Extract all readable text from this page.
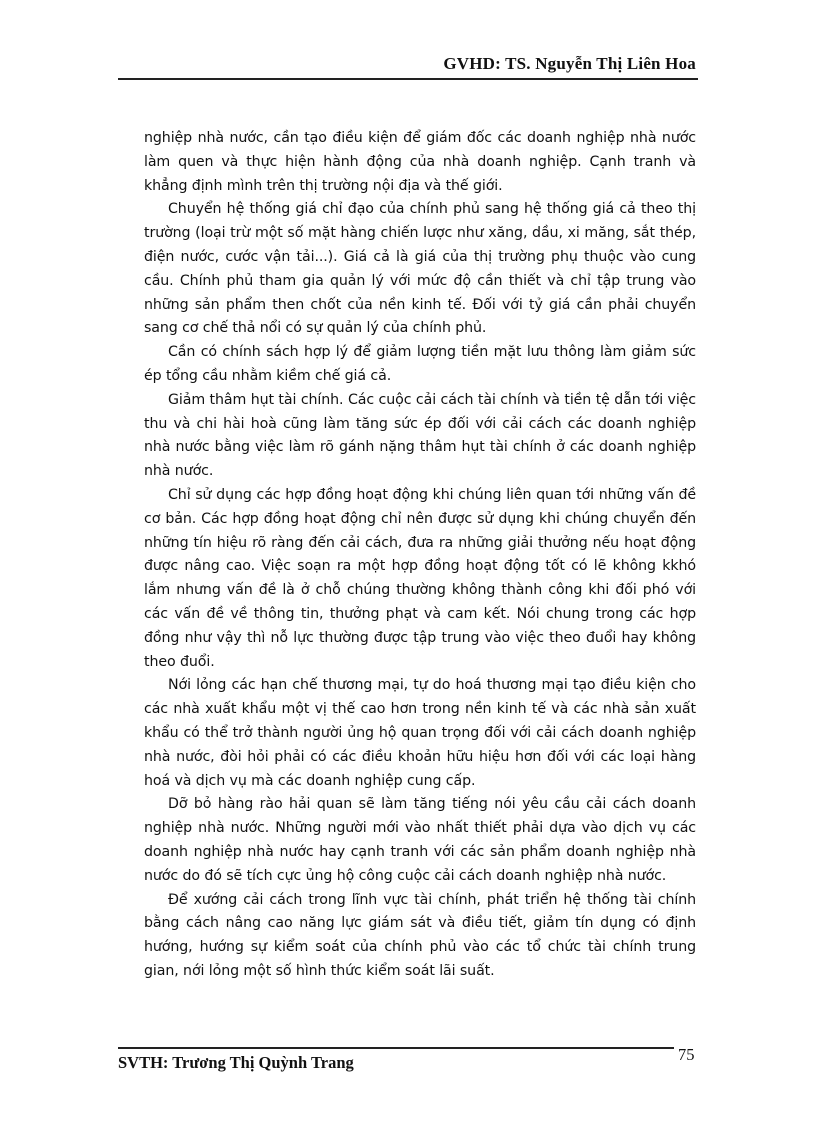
GVHD: TS. Nguyễn Thị Liên Hoa

nghiệp nhà nước, cần tạo điều kiện để giám đốc các doanh nghiệp nhà nước làm quen và thực hiện hành động của nhà doanh nghiệp. Cạnh tranh và khẳng định mình trên thị trường nội địa và thế giới.

Chuyển hệ thống giá chỉ đạo của chính phủ sang hệ thống giá cả theo thị trường (loại trừ một số mặt hàng chiến lược như xăng, dầu, xi măng, sắt thép, điện nước, cước vận tải...). Giá cả là giá của thị trường phụ thuộc vào cung cầu. Chính phủ tham gia quản lý với mức độ cần thiết và chỉ tập trung vào những sản phẩm then chốt của nền kinh tế. Đối với tỷ giá cần phải chuyển sang cơ chế thả nổi có sự quản lý của chính phủ.

Cần có chính sách hợp lý để giảm lượng tiền mặt lưu thông làm giảm sức ép tổng cầu nhằm kiềm chế giá cả.

Giảm thâm hụt tài chính. Các cuộc cải cách tài chính và tiền tệ dẫn tới việc thu và chi hài hoà cũng làm tăng sức ép đối với cải cách các doanh nghiệp nhà nước bằng việc làm rõ gánh nặng thâm hụt tài chính ở các doanh nghiệp nhà nước.

Chỉ sử dụng các hợp đồng hoạt động khi chúng liên quan tới những vấn đề cơ bản. Các hợp đồng hoạt động chỉ nên được sử dụng khi chúng chuyển đến những tín hiệu rõ ràng đến cải cách, đưa ra những giải thưởng nếu hoạt động được nâng cao. Việc soạn ra một hợp đồng hoạt động tốt có lẽ không kkhó lắm nhưng vấn đề là ở chỗ chúng thường không thành công khi đối phó với các vấn đề về thông tin, thưởng phạt và cam kết. Nói chung trong các hợp đồng như vậy thì nỗ lực thường được tập trung vào việc theo đuổi hay không theo đuổi.

Nới lỏng các hạn chế thương mại, tự do hoá thương mại tạo điều kiện cho các nhà xuất khẩu một vị thế cao hơn trong nền kinh tế và các nhà sản xuất khẩu có thể trở thành người ủng hộ quan trọng đối với cải cách doanh nghiệp nhà nước, đòi hỏi phải có các điều khoản hữu hiệu hơn đối với các loại hàng hoá và dịch vụ mà các doanh nghiệp cung cấp.

Dỡ bỏ hàng rào hải quan sẽ làm tăng tiếng nói yêu cầu cải cách doanh nghiệp nhà nước. Những người mới vào nhất thiết phải dựa vào dịch vụ các doanh nghiệp nhà nước hay cạnh tranh với các sản phẩm doanh nghiệp nhà nước do đó sẽ tích cực ủng hộ công cuộc cải cách doanh nghiệp nhà nước.

Để xướng cải cách trong lĩnh vực tài chính, phát triển hệ thống tài chính bằng cách nâng cao năng lực giám sát và điều tiết, giảm tín dụng có định hướng, hướng sự kiểm soát của chính phủ vào các tổ chức tài chính trung gian, nới lỏng một số hình thức kiểm soát lãi suất.

SVTH: Trương Thị Quỳnh Trang	75
